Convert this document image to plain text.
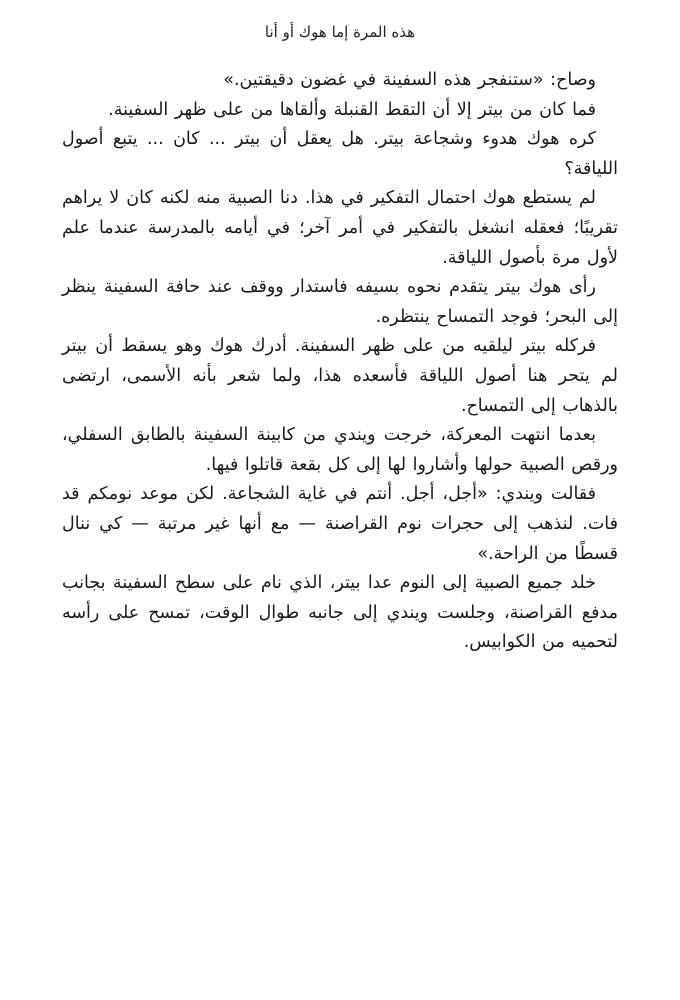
هذه المرة إما هوك أو أنا

وصاح: «ستنفجر هذه السفينة في غضون دقيقتين.»

فما كان من بيتر إلا أن التقط القنبلة وألقاها من على ظهر السفينة.

كره هوك هدوء وشجاعة بيتر. هل يعقل أن بيتر ... كان ... يتبع أصول اللياقة؟

لم يستطع هوك احتمال التفكير في هذا. دنا الصبية منه لكنه كان لا يراهم تقريبًا؛ فعقله انشغل بالتفكير في أمر آخر؛ في أيامه بالمدرسة عندما علم لأول مرة بأصول اللياقة.

رأى هوك بيتر يتقدم نحوه بسيفه فاستدار ووقف عند حافة السفينة ينظر إلى البحر؛ فوجد التمساح ينتظره.

فركله بيتر ليلقيه من على ظهر السفينة. أدرك هوك وهو يسقط أن بيتر لم يتحر هنا أصول اللياقة فأسعده هذا، ولما شعر بأنه الأسمى، ارتضى بالذهاب إلى التمساح.

بعدما انتهت المعركة، خرجت ويندي من كابينة السفينة بالطابق السفلي، ورقص الصبية حولها وأشاروا لها إلى كل بقعة قاتلوا فيها.

فقالت ويندي: «أجل، أجل. أنتم في غاية الشجاعة. لكن موعد نومكم قد فات. لنذهب إلى حجرات نوم القراصنة — مع أنها غير مرتبة — كي ننال قسطًا من الراحة.»

خلد جميع الصبية إلى النوم عدا بيتر، الذي نام على سطح السفينة بجانب مدفع القراصنة، وجلست ويندي إلى جانبه طوال الوقت، تمسح على رأسه لتحميه من الكوابيس.
